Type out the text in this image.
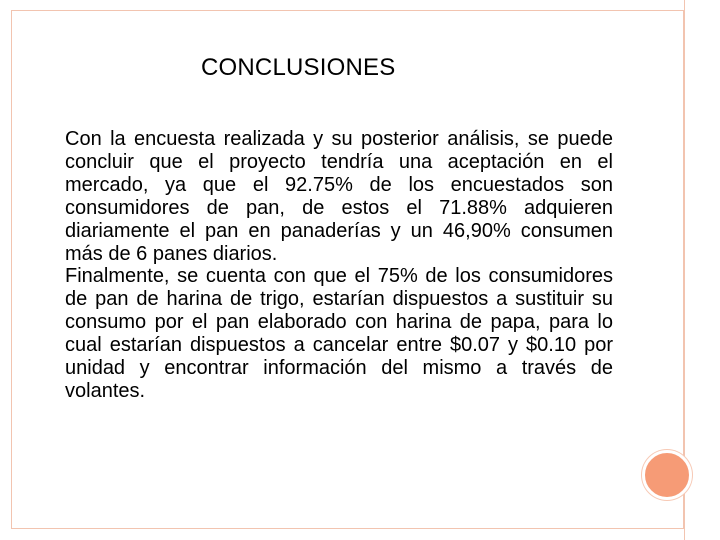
CONCLUSIONES

Con la encuesta realizada y su posterior análisis, se puede concluir que el proyecto tendría una aceptación en el mercado, ya que el 92.75% de los encuestados son consumidores de pan, de estos el 71.88% adquieren diariamente el pan en panaderías y un 46,90% consumen más de 6 panes diarios.

Finalmente, se cuenta con que el 75% de los consumidores de pan de harina de trigo, estarían dispuestos a sustituir su consumo por el pan elaborado con harina de papa, para lo cual estarían dispuestos a cancelar entre $0.07 y $0.10 por unidad y encontrar información del mismo a través de volantes.
